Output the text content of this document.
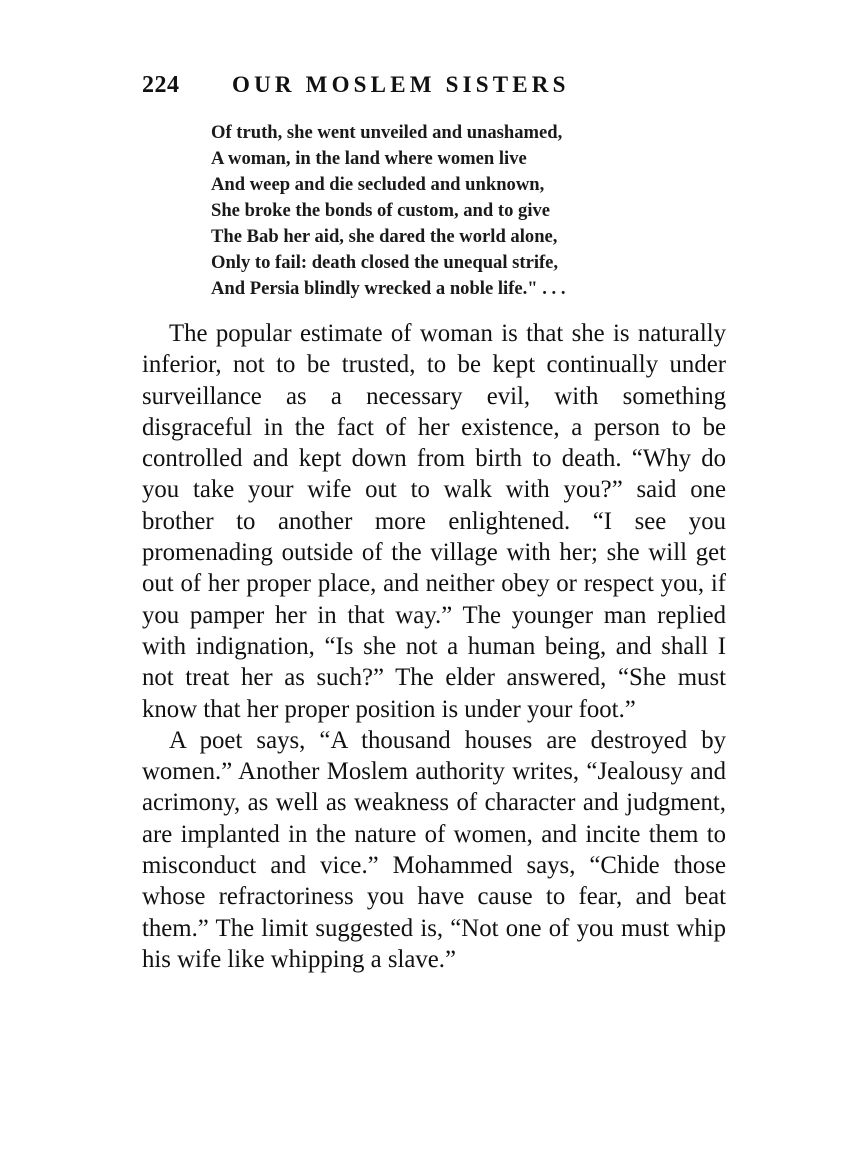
224 OUR MOSLEM SISTERS
Of truth, she went unveiled and unashamed,
A woman, in the land where women live
And weep and die secluded and unknown,
She broke the bonds of custom, and to give
The Bab her aid, she dared the world alone,
Only to fail: death closed the unequal strife,
And Persia blindly wrecked a noble life." . . .

The popular estimate of woman is that she is naturally inferior, not to be trusted, to be kept continually under surveillance as a necessary evil, with something disgraceful in the fact of her existence, a person to be controlled and kept down from birth to death. “Why do you take your wife out to walk with you?” said one brother to another more enlightened. “I see you promenading outside of the village with her; she will get out of her proper place, and neither obey or respect you, if you pamper her in that way.” The younger man replied with indignation, “Is she not a human being, and shall I not treat her as such?” The elder answered, “She must know that her proper position is under your foot.”

A poet says, “A thousand houses are destroyed by women.” Another Moslem authority writes, “Jealousy and acrimony, as well as weakness of character and judgment, are implanted in the nature of women, and incite them to misconduct and vice.” Mohammed says, “Chide those whose refractoriness you have cause to fear, and beat them.” The limit suggested is, “Not one of you must whip his wife like whipping a slave.”
